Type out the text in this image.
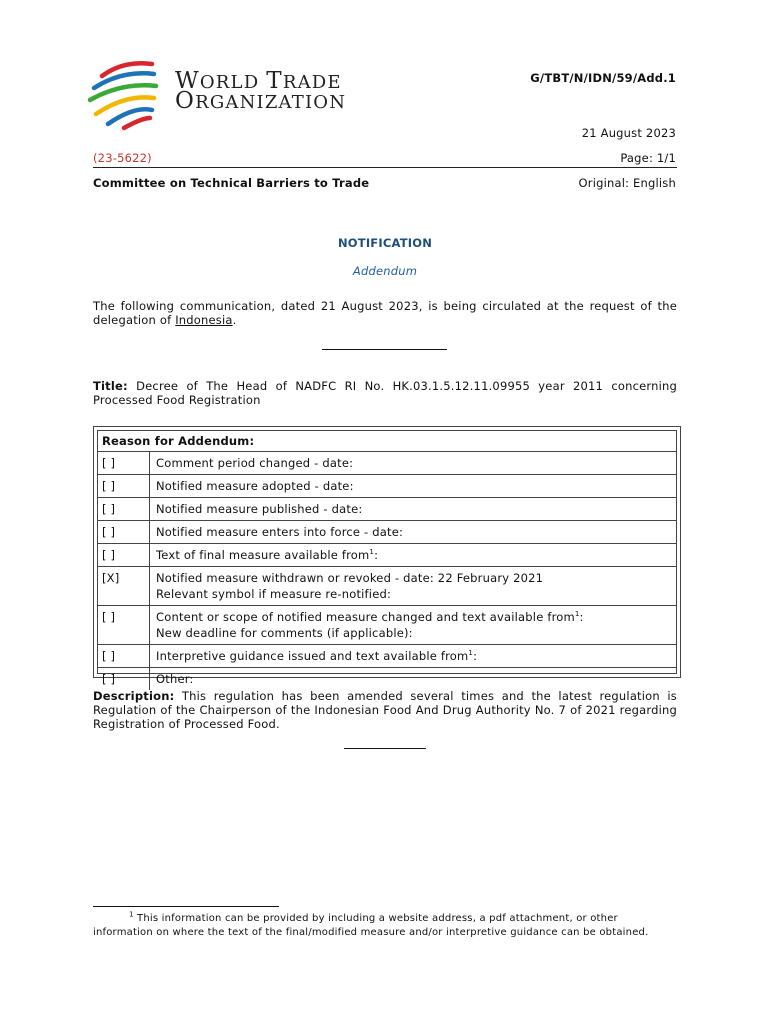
WORLD TRADE
ORGANIZATION
G/TBT/N/IDN/59/Add.1
21 August 2023
(23-5622)	Page: 1/1
Committee on Technical Barriers to Trade	Original: English
NOTIFICATION
Addendum
The following communication, dated 21 August 2023, is being circulated at the request of the delegation of Indonesia.
Title: Decree of The Head of NADFC RI No. HK.03.1.5.12.11.09955 year 2011 concerning Processed Food Registration
Reason for Addendum:
[ ]	Comment period changed - date:
[ ]	Notified measure adopted - date:
[ ]	Notified measure published - date:
[ ]	Notified measure enters into force - date:
[ ]	Text of final measure available from$^1$:
[X]	Notified measure withdrawn or revoked - date: 22 February 2021
Relevant symbol if measure re-notified:
[ ]	Content or scope of notified measure changed and text available from$^1$:
New deadline for comments (if applicable):
[ ]	Interpretive guidance issued and text available from$^1$:
[ ]	Other:
Description: This regulation has been amended several times and the latest regulation is Regulation of the Chairperson of the Indonesian Food And Drug Authority No. 7 of 2021 regarding Registration of Processed Food.
$^1$ This information can be provided by including a website address, a pdf attachment, or other information on where the text of the final/modified measure and/or interpretive guidance can be obtained.
